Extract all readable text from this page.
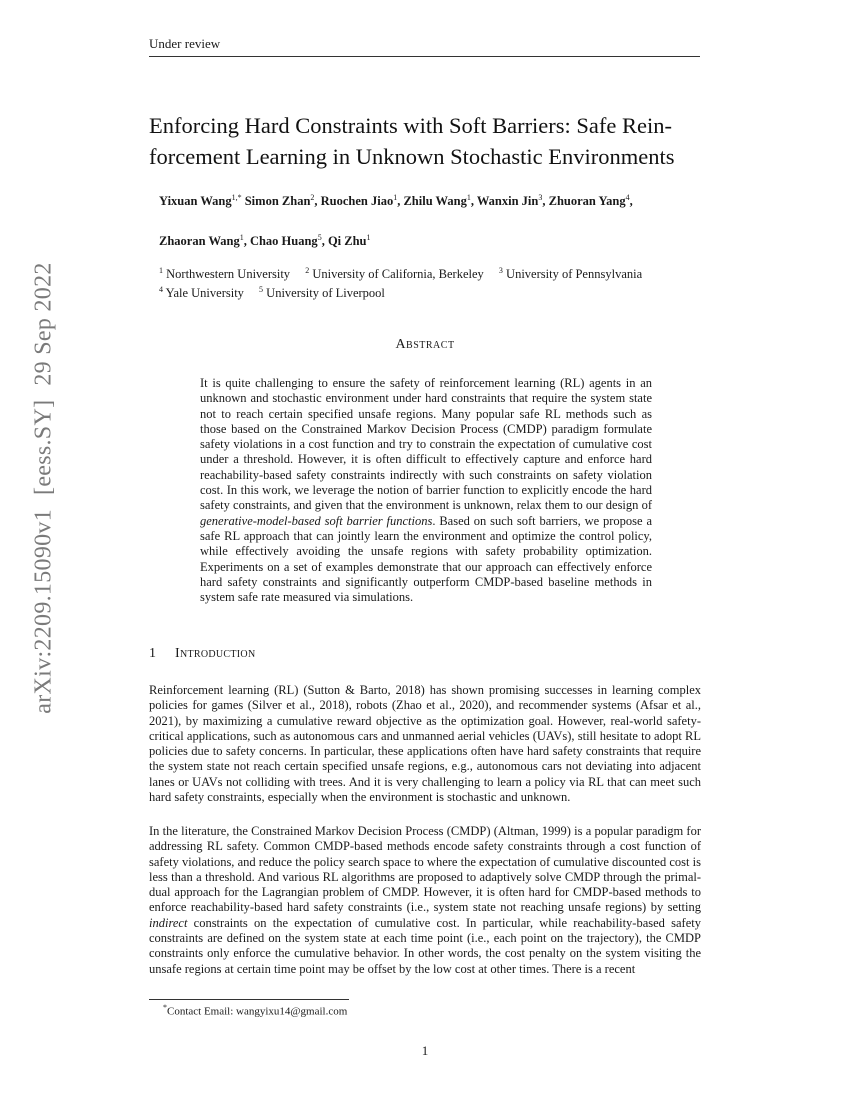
Under review
arXiv:2209.15090v1[eess.SY]29 Sep 2022
Enforcing Hard Constraints with Soft Barriers: Safe Rein-
forcement Learning in Unknown Stochastic Environments
Yixuan Wang$^{1,*}$ Simon Zhan$^2$, Ruochen Jiao$^1$, Zhilu Wang$^1$, Wanxin Jin$^3$, Zhuoran Yang$^4$,
Zhaoran Wang$^1$, Chao Huang$^5$, Qi Zhu$^1$
$^1$ Northwestern University $^2$ University of California, Berkeley $^3$ University of Pennsylvania
$^4$ Yale University $^5$ University of Liverpool
Abstract
It is quite challenging to ensure the safety of reinforcement learning (RL) agents in an unknown and stochastic environment under hard constraints that require the system state not to reach certain specified unsafe regions. Many popular safe RL methods such as those based on the Constrained Markov Decision Process (CMDP) paradigm formulate safety violations in a cost function and try to constrain the expectation of cumulative cost under a threshold. However, it is often difficult to effectively capture and enforce hard reachability-based safety constraints indirectly with such constraints on safety violation cost. In this work, we leverage the notion of barrier function to explicitly encode the hard safety constraints, and given that the environment is unknown, relax them to our design of generative-model-based soft barrier functions. Based on such soft barriers, we propose a safe RL approach that can jointly learn the environment and optimize the control policy, while effectively avoiding the unsafe regions with safety probability optimization. Experiments on a set of examples demonstrate that our approach can effectively enforce hard safety constraints and significantly outperform CMDP-based baseline methods in system safe rate measured via simulations.
1 Introduction
Reinforcement learning (RL) (Sutton & Barto, 2018) has shown promising successes in learning complex policies for games (Silver et al., 2018), robots (Zhao et al., 2020), and recommender systems (Afsar et al., 2021), by maximizing a cumulative reward objective as the optimization goal. However, real-world safety-critical applications, such as autonomous cars and unmanned aerial vehicles (UAVs), still hesitate to adopt RL policies due to safety concerns. In particular, these applications often have hard safety constraints that require the system state not reach certain specified unsafe regions, e.g., autonomous cars not deviating into adjacent lanes or UAVs not colliding with trees. And it is very challenging to learn a policy via RL that can meet such hard safety constraints, especially when the environment is stochastic and unknown.
In the literature, the Constrained Markov Decision Process (CMDP) (Altman, 1999) is a popular paradigm for addressing RL safety. Common CMDP-based methods encode safety constraints through a cost function of safety violations, and reduce the policy search space to where the expectation of cumulative discounted cost is less than a threshold. And various RL algorithms are proposed to adaptively solve CMDP through the primal-dual approach for the Lagrangian problem of CMDP. However, it is often hard for CMDP-based methods to enforce reachability-based hard safety constraints (i.e., system state not reaching unsafe regions) by setting indirect constraints on the expectation of cumulative cost. In particular, while reachability-based safety constraints are defined on the system state at each time point (i.e., each point on the trajectory), the CMDP constraints only enforce the cumulative behavior. In other words, the cost penalty on the system visiting the unsafe regions at certain time point may be offset by the low cost at other times. There is a recent
*Contact Email: wangyixu14@gmail.com
1
